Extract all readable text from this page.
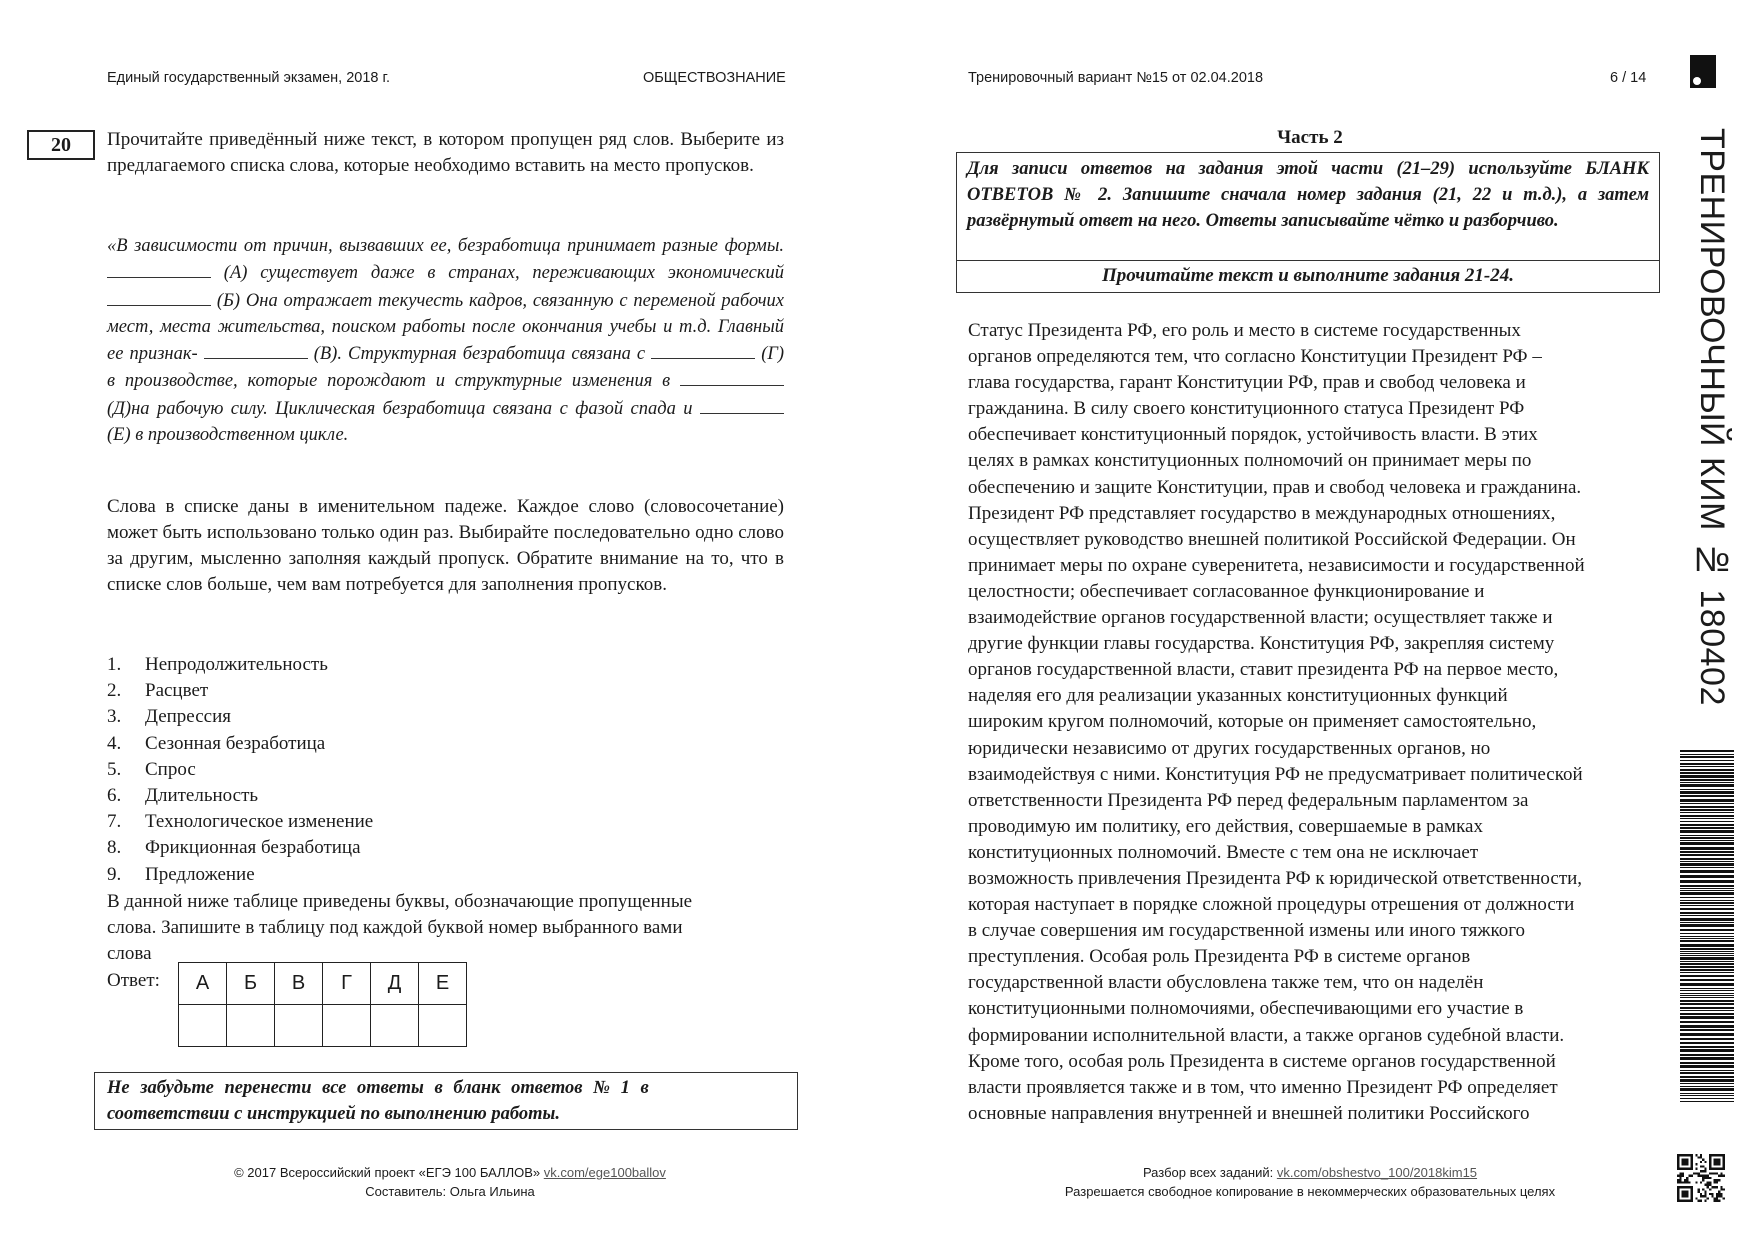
Единый государственный экзамен, 2018 г.	ОБЩЕСТВОЗНАНИЕ	Тренировочный вариант №15 от 02.04.2018	6 / 14
20	Прочитайте приведённый ниже текст, в котором пропущен ряд слов. Выберите из предлагаемого списка слова, которые необходимо вставить на место пропусков.

«В зависимости от причин, вызвавших ее, безработица принимает разные формы.  (А) существует даже в странах, переживающих экономический  (Б) Она отражает текучесть кадров, связанную с переменой рабочих мест, места жительства, поиском работы после окончания учебы и т.д. Главный ее признак-	(В). Структурная безработица связана с	(Г) в производстве, которые порождают и структурные изменения в  (Д)на рабочую силу. Циклическая безработица связана с фазой спада и  (Е) в производственном цикле.

Слова в списке даны в именительном падеже. Каждое слово (словосочетание) может быть использовано только один раз. Выбирайте последовательно одно слово за другим, мысленно заполняя каждый пропуск. Обратите внимание на то, что в списке слов больше, чем вам потребуется для заполнения пропусков.

1.	Непродолжительность
2.	Расцвет
3.	Депрессия
4.	Сезонная безработица
5.	Спрос
6.	Длительность
7.	Технологическое изменение
8.	Фрикционная безработица
9.	Предложение
В данной ниже таблице приведены буквы, обозначающие пропущенные
слова. Запишите в таблицу под каждой буквой номер выбранного вами
слова
Ответ: А	Б	В	Г	Д	Е

Не забудьте перенести все ответы в бланк ответов № 1 в
соответствии с инструкцией по выполнению работы.
© 2017 Всероссийский проект «ЕГЭ 100 БАЛЛОВ» vk.com/ege100ballov
Составитель: Ольга Ильина
Разбор всех заданий: vk.com/obshestvo_100/2018kim15
Разрешается свободное копирование в некоммерческих образовательных целях
Часть 2
Для записи ответов на задания этой части (21–29) используйте БЛАНК ОТВЕТОВ № 2. Запишите сначала номер задания (21, 22 и т.д.), а затем развёрнутый ответ на него. Ответы записывайте чётко и разборчиво.
Прочитайте текст и выполните задания 21-24.
Статус Президента РФ, его роль и место в системе государственных
органов определяются тем, что согласно Конституции Президент РФ –
глава государства, гарант Конституции РФ, прав и свобод человека и
гражданина. В силу своего конституционного статуса Президент РФ
обеспечивает конституционный порядок, устойчивость власти. В этих
целях в рамках конституционных полномочий он принимает меры по
обеспечению и защите Конституции, прав и свобод человека и гражданина.
Президент РФ представляет государство в международных отношениях,
осуществляет руководство внешней политикой Российской Федерации. Он
принимает меры по охране суверенитета, независимости и государственной
целостности; обеспечивает согласованное функционирование и
взаимодействие органов государственной власти; осуществляет также и
другие функции главы государства. Конституция РФ, закрепляя систему
органов государственной власти, ставит президента РФ на первое место,
наделяя его для реализации указанных конституционных функций
широким кругом полномочий, которые он применяет самостоятельно,
юридически независимо от других государственных органов, но
взаимодействуя с ними. Конституция РФ не предусматривает политической
ответственности Президента РФ перед федеральным парламентом за
проводимую им политику, его действия, совершаемые в рамках
конституционных полномочий. Вместе с тем она не исключает
возможность привлечения Президента РФ к юридической ответственности,
которая наступает в порядке сложной процедуры отрешения от должности
в случае совершения им государственной измены или иного тяжкого
преступления. Особая роль Президента РФ в системе органов
государственной власти обусловлена также тем, что он наделён
конституционными полномочиями, обеспечивающими его участие в
формировании исполнительной власти, а также органов судебной власти.
Кроме того, особая роль Президента в системе органов государственной
власти проявляется также и в том, что именно Президент РФ определяет
основные направления внутренней и внешней политики Российского
ТРЕНИРОВОЧНЫЙ КИМ № 180402
